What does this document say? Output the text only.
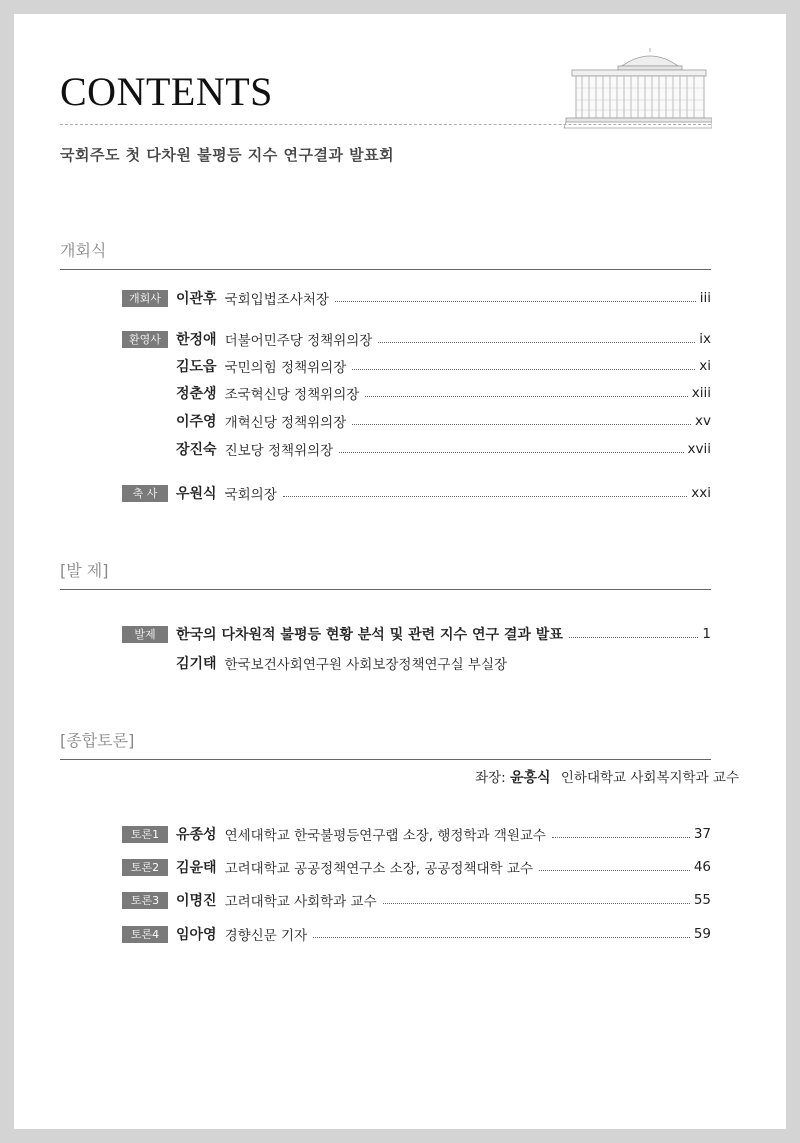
CONTENTS
국회주도 첫 다차원 불평등 지수 연구결과 발표회
개회식
개회사	이관후 국회입법조사처장	iii
환영사	한정애 더불어민주당 정책위의장	ix
김도읍 국민의힘 정책위의장	xi
정춘생 조국혁신당 정책위의장	xiii
이주영 개혁신당 정책위의장	xv
장진숙 진보당 정책위의장	xvii
축 사	우원식 국회의장	xxi
[발 제]
발제	한국의 다차원적 불평등 현황 분석 및 관련 지수 연구 결과 발표	1
김기태 한국보건사회연구원 사회보장정책연구실 부실장
[종합토론]
좌장: 윤홍식 인하대학교 사회복지학과 교수
토론1	유종성 연세대학교 한국불평등연구랩 소장, 행정학과 객원교수	37
토론2	김윤태 고려대학교 공공정책연구소 소장, 공공정책대학 교수	46
토론3	이명진 고려대학교 사회학과 교수	55
토론4	임아영 경향신문 기자	59
